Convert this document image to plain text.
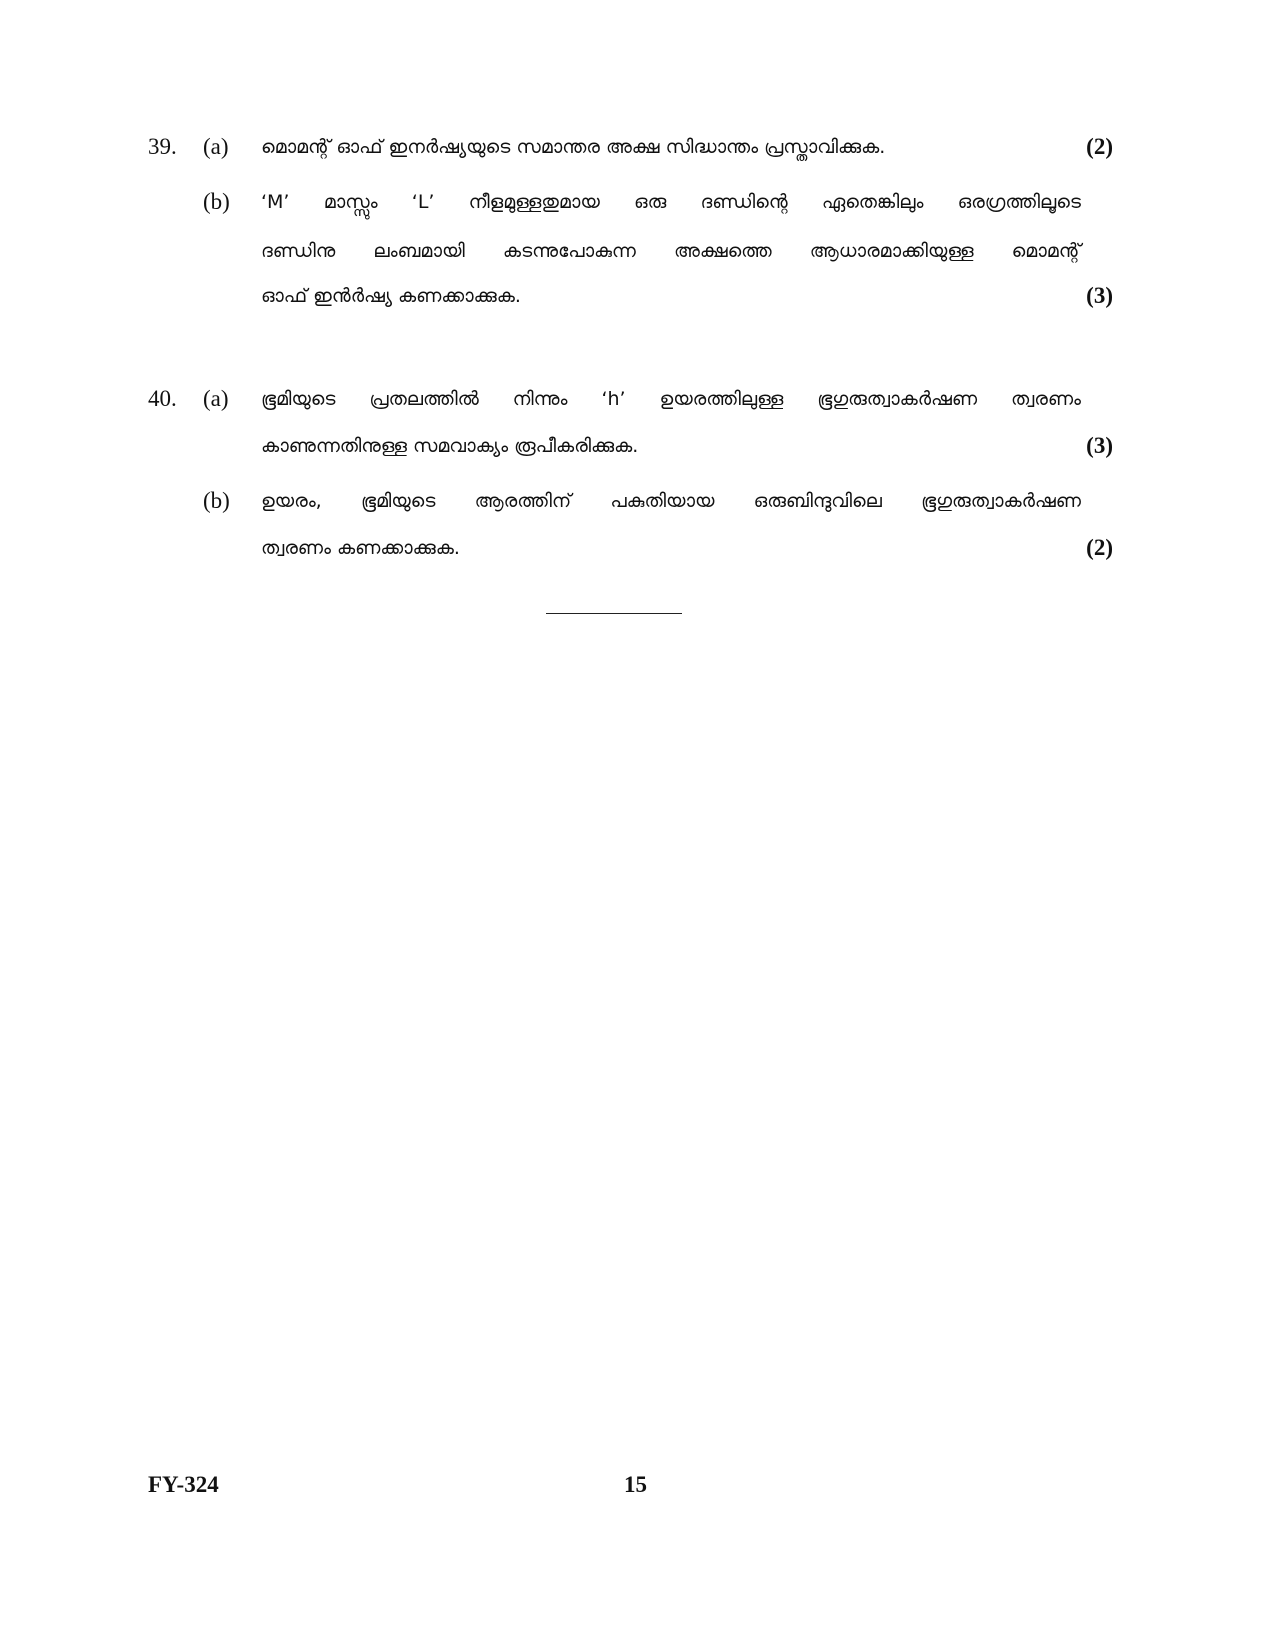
39. (a) മൊമന്റ് ഓഫ് ഇനർഷ്യയുടെ സമാന്തര അക്ഷ സിദ്ധാന്തം പ്രസ്താവിക്കുക.	(2)
(b) ‘M’ മാസ്സും ‘L’ നീളമുള്ളതുമായ ഒരു ദണ്ഡിന്റെ ഏതെങ്കിലും ഒരഗ്രത്തിലൂടെ
ദണ്ഡിനു ലംബമായി കടന്നുപോകുന്ന അക്ഷത്തെ ആധാരമാക്കിയുള്ള മൊമന്റ്
ഓഫ് ഇൻർഷ്യ കണക്കാക്കുക.	(3)
40. (a) ഭൂമിയുടെ പ്രതലത്തിൽ നിന്നും ‘h’ ഉയരത്തിലുള്ള ഭൂഗുരുത്വാകർഷണ ത്വരണം
കാണുന്നതിനുള്ള സമവാക്യം രൂപീകരിക്കുക.	(3)
(b) ഉയരം, ഭൂമിയുടെ ആരത്തിന് പകുതിയായ ഒരുബിന്ദുവിലെ ഭൂഗുരുത്വാകർഷണ
ത്വരണം കണക്കാക്കുക.	(2)
FY-324	15
